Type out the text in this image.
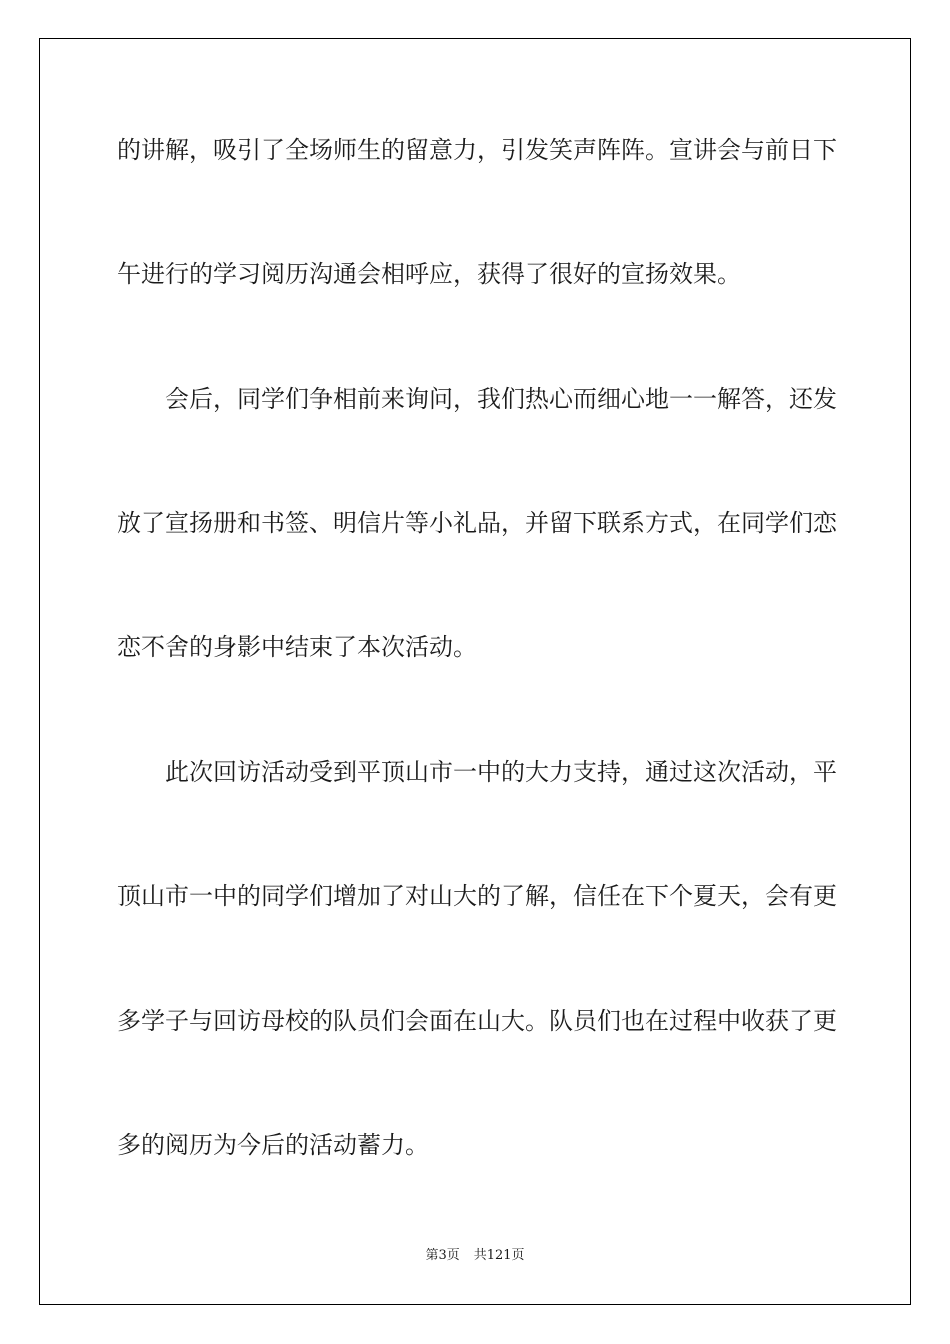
的讲解，吸引了全场师生的留意力，引发笑声阵阵。宣讲会与前日下
午进行的学习阅历沟通会相呼应，获得了很好的宣扬效果。
会后，同学们争相前来询问，我们热心而细心地一一解答，还发
放了宣扬册和书签、明信片等小礼品，并留下联系方式，在同学们恋
恋不舍的身影中结束了本次活动。
此次回访活动受到平顶山市一中的大力支持，通过这次活动，平
顶山市一中的同学们增加了对山大的了解，信任在下个夏天，会有更
多学子与回访母校的队员们会面在山大。队员们也在过程中收获了更
多的阅历为今后的活动蓄力。
第3页 共121页
